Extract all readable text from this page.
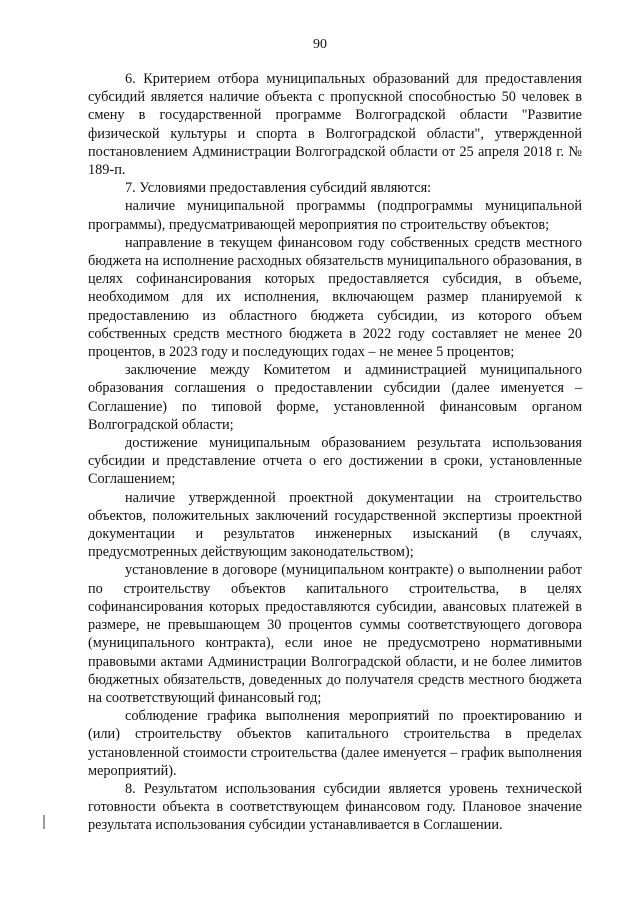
90

6. Критерием отбора муниципальных образований для предоставления субсидий является наличие объекта с пропускной способностью 50 человек в смену в государственной программе Волгоградской области "Развитие физической культуры и спорта в Волгоградской области", утвержденной постановлением Администрации Волгоградской области от 25 апреля 2018 г. № 189-п.

7. Условиями предоставления субсидий являются:

наличие муниципальной программы (подпрограммы муниципальной программы), предусматривающей мероприятия по строительству объектов;

направление в текущем финансовом году собственных средств местного бюджета на исполнение расходных обязательств муниципального образования, в целях софинансирования которых предоставляется субсидия, в объеме, необходимом для их исполнения, включающем размер планируемой к предоставлению из областного бюджета субсидии, из которого объем собственных средств местного бюджета в 2022 году составляет не менее 20 процентов, в 2023 году и последующих годах – не менее 5 процентов;

заключение между Комитетом и администрацией муниципального образования соглашения о предоставлении субсидии (далее именуется – Соглашение) по типовой форме, установленной финансовым органом Волгоградской области;

достижение муниципальным образованием результата использования субсидии и представление отчета о его достижении в сроки, установленные Соглашением;

наличие утвержденной проектной документации на строительство объектов, положительных заключений государственной экспертизы проектной документации и результатов инженерных изысканий (в случаях, предусмотренных действующим законодательством);

установление в договоре (муниципальном контракте) о выполнении работ по строительству объектов капитального строительства, в целях софинансирования которых предоставляются субсидии, авансовых платежей в размере, не превышающем 30 процентов суммы соответствующего договора (муниципального контракта), если иное не предусмотрено нормативными правовыми актами Администрации Волгоградской области, и не более лимитов бюджетных обязательств, доведенных до получателя средств местного бюджета на соответствующий финансовый год;

соблюдение графика выполнения мероприятий по проектированию и (или) строительству объектов капитального строительства в пределах установленной стоимости строительства (далее именуется – график выполнения мероприятий).

8. Результатом использования субсидии является уровень технической готовности объекта в соответствующем финансовом году. Плановое значение результата использования субсидии устанавливается в Соглашении.
